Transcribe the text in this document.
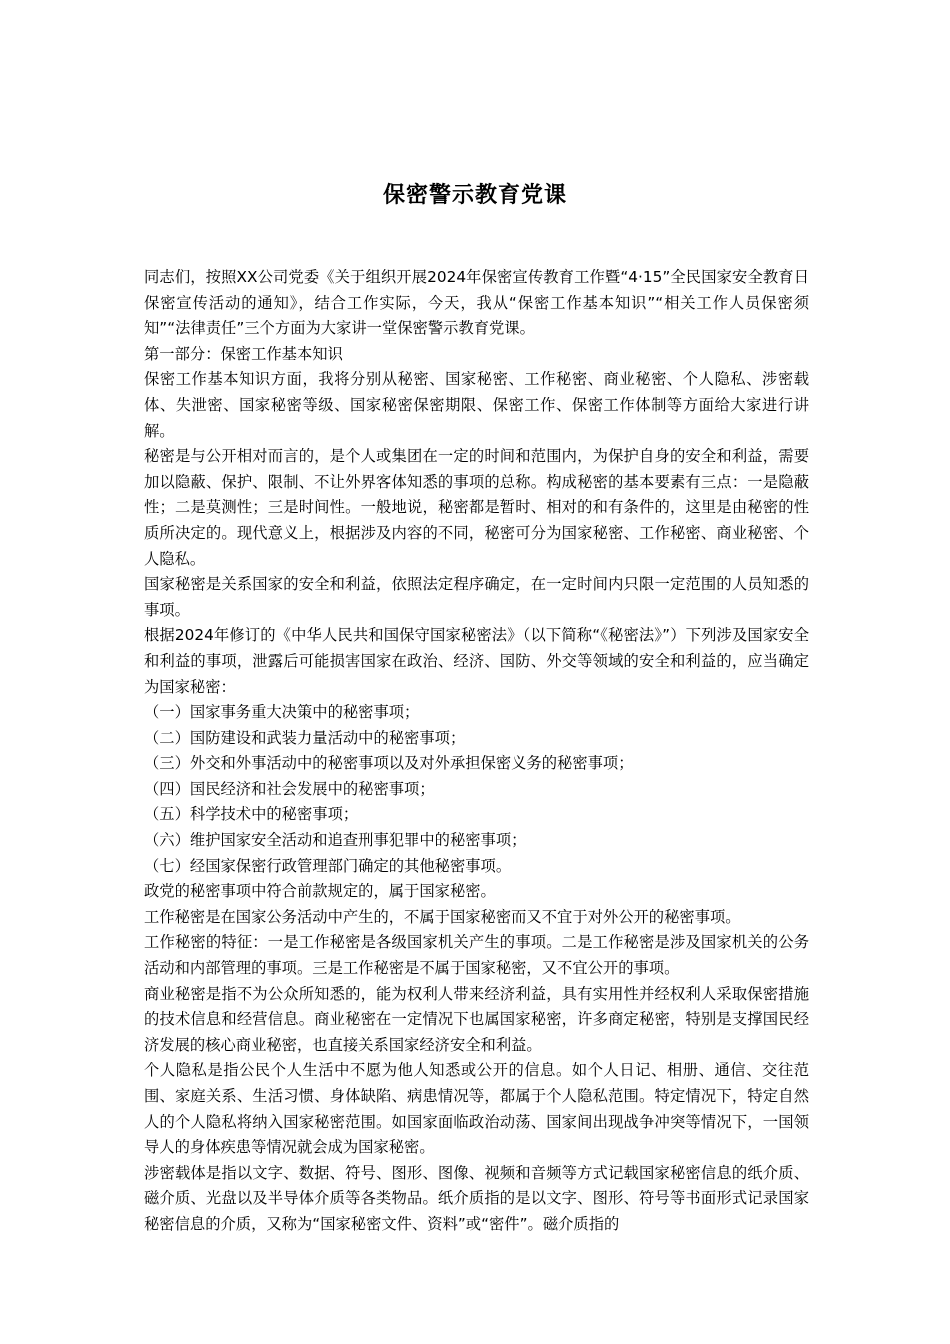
保密警示教育党课

同志们，按照XX公司党委《关于组织开展2024年保密宣传教育工作暨“4·15”全民国家安全教育日保密宣传活动的通知》，结合工作实际，今天，我从“保密工作基本知识”“相关工作人员保密须知”“法律责任”三个方面为大家讲一堂保密警示教育党课。

第一部分：保密工作基本知识

保密工作基本知识方面，我将分别从秘密、国家秘密、工作秘密、商业秘密、个人隐私、涉密载体、失泄密、国家秘密等级、国家秘密保密期限、保密工作、保密工作体制等方面给大家进行讲解。

秘密是与公开相对而言的，是个人或集团在一定的时间和范围内，为保护自身的安全和利益，需要加以隐蔽、保护、限制、不让外界客体知悉的事项的总称。构成秘密的基本要素有三点：一是隐蔽性；二是莫测性；三是时间性。一般地说，秘密都是暂时、相对的和有条件的，这里是由秘密的性质所决定的。现代意义上，根据涉及内容的不同，秘密可分为国家秘密、工作秘密、商业秘密、个人隐私。

国家秘密是关系国家的安全和利益，依照法定程序确定，在一定时间内只限一定范围的人员知悉的事项。

根据2024年修订的《中华人民共和国保守国家秘密法》（以下简称“《秘密法》”）下列涉及国家安全和利益的事项，泄露后可能损害国家在政治、经济、国防、外交等领域的安全和利益的，应当确定为国家秘密：

（一）国家事务重大决策中的秘密事项；

（二）国防建设和武装力量活动中的秘密事项；

（三）外交和外事活动中的秘密事项以及对外承担保密义务的秘密事项；

（四）国民经济和社会发展中的秘密事项；

（五）科学技术中的秘密事项；

（六）维护国家安全活动和追查刑事犯罪中的秘密事项；

（七）经国家保密行政管理部门确定的其他秘密事项。

政党的秘密事项中符合前款规定的，属于国家秘密。

工作秘密是在国家公务活动中产生的，不属于国家秘密而又不宜于对外公开的秘密事项。

工作秘密的特征：一是工作秘密是各级国家机关产生的事项。二是工作秘密是涉及国家机关的公务活动和内部管理的事项。三是工作秘密是不属于国家秘密，又不宜公开的事项。

商业秘密是指不为公众所知悉的，能为权利人带来经济利益，具有实用性并经权利人采取保密措施的技术信息和经营信息。商业秘密在一定情况下也属国家秘密，许多商定秘密，特别是支撑国民经济发展的核心商业秘密，也直接关系国家经济安全和利益。

个人隐私是指公民个人生活中不愿为他人知悉或公开的信息。如个人日记、相册、通信、交往范围、家庭关系、生活习惯、身体缺陷、病患情况等，都属于个人隐私范围。特定情况下，特定自然人的个人隐私将纳入国家秘密范围。如国家面临政治动荡、国家间出现战争冲突等情况下，一国领导人的身体疾患等情况就会成为国家秘密。

涉密载体是指以文字、数据、符号、图形、图像、视频和音频等方式记载国家秘密信息的纸介质、磁介质、光盘以及半导体介质等各类物品。纸介质指的是以文字、图形、符号等书面形式记录国家秘密信息的介质，又称为“国家秘密文件、资料”或“密件”。磁介质指的
